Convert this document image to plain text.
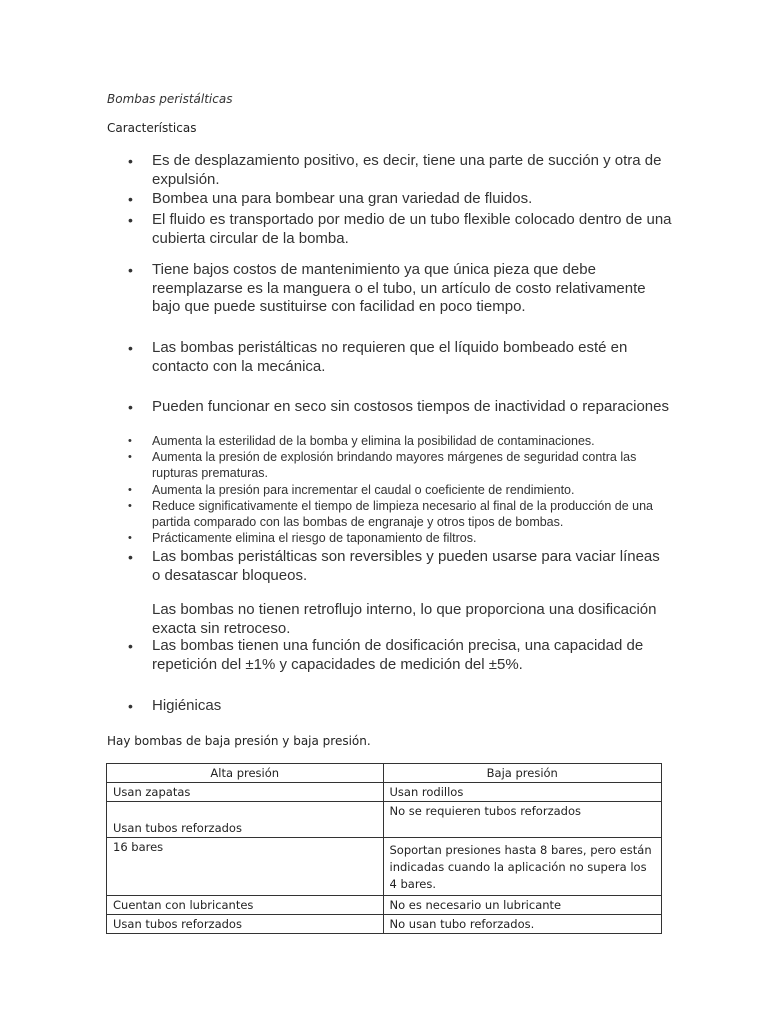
Bombas peristálticas
Características
• Es de desplazamiento positivo, es decir, tiene una parte de succión y otra de expulsión.
• Bombea una para bombear una gran variedad de fluidos.
• El fluido es transportado por medio de un tubo flexible colocado dentro de una cubierta circular de la bomba.
• Tiene bajos costos de mantenimiento ya que única pieza que debe reemplazarse es la manguera o el tubo, un artículo de costo relativamente bajo que puede sustituirse con facilidad en poco tiempo.
• Las bombas peristálticas no requieren que el líquido bombeado esté en contacto con la mecánica.
• Pueden funcionar en seco sin costosos tiempos de inactividad o reparaciones
• Aumenta la esterilidad de la bomba y elimina la posibilidad de contaminaciones.
• Aumenta la presión de explosión brindando mayores márgenes de seguridad contra las rupturas prematuras.
• Aumenta la presión para incrementar el caudal o coeficiente de rendimiento.
• Reduce significativamente el tiempo de limpieza necesario al final de la producción de una partida comparado con las bombas de engranaje y otros tipos de bombas.
• Prácticamente elimina el riesgo de taponamiento de filtros.
• Las bombas peristálticas son reversibles y pueden usarse para vaciar líneas o desatascar bloqueos.
Las bombas no tienen retroflujo interno, lo que proporciona una dosificación exacta sin retroceso.
• Las bombas tienen una función de dosificación precisa, una capacidad de repetición del ±1% y capacidades de medición del ±5%.
• Higiénicas
Hay bombas de baja presión y baja presión.
Alta presión	Baja presión
Usan zapatas	Usan rodillos
Usan tubos reforzados	No se requieren tubos reforzados
16 bares	Soportan presiones hasta 8 bares, pero están indicadas cuando la aplicación no supera los 4 bares.
Cuentan con lubricantes	No es necesario un lubricante
Usan tubos reforzados	No usan tubo reforzados.
